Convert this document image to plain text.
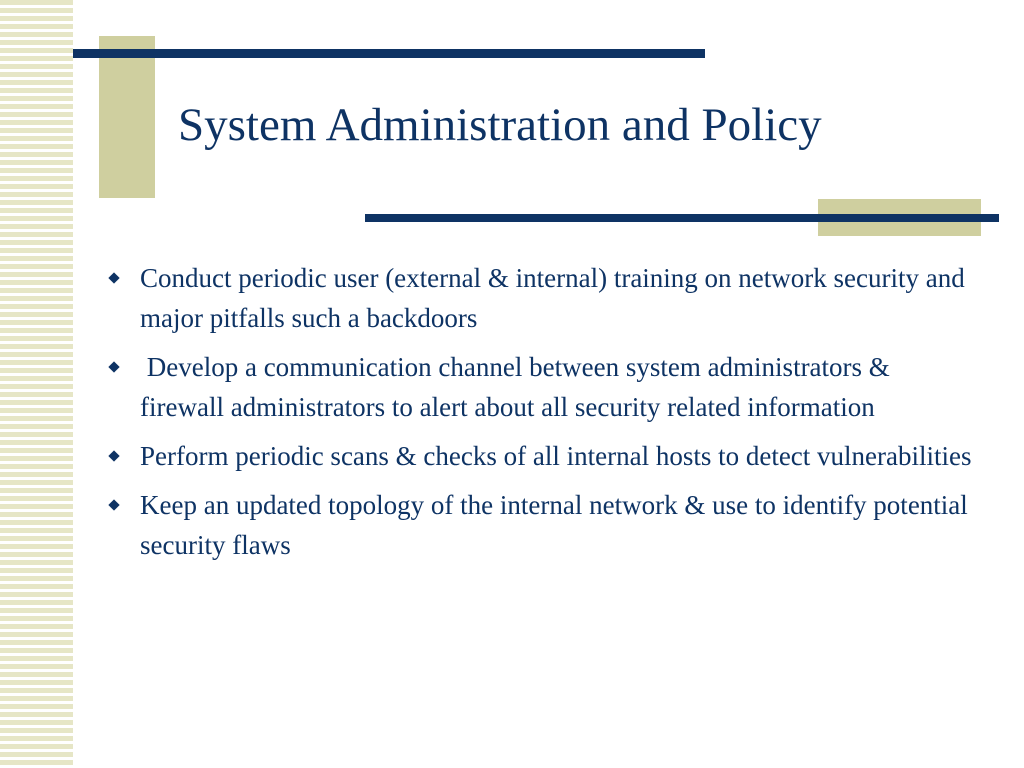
System Administration and Policy
Conduct periodic user (external & internal) training on network security and major pitfalls such a backdoors
Develop a communication channel between system administrators & firewall administrators to alert about all security related information
Perform periodic scans & checks of all internal hosts to detect vulnerabilities
Keep an updated topology of the internal network & use to identify potential security flaws
